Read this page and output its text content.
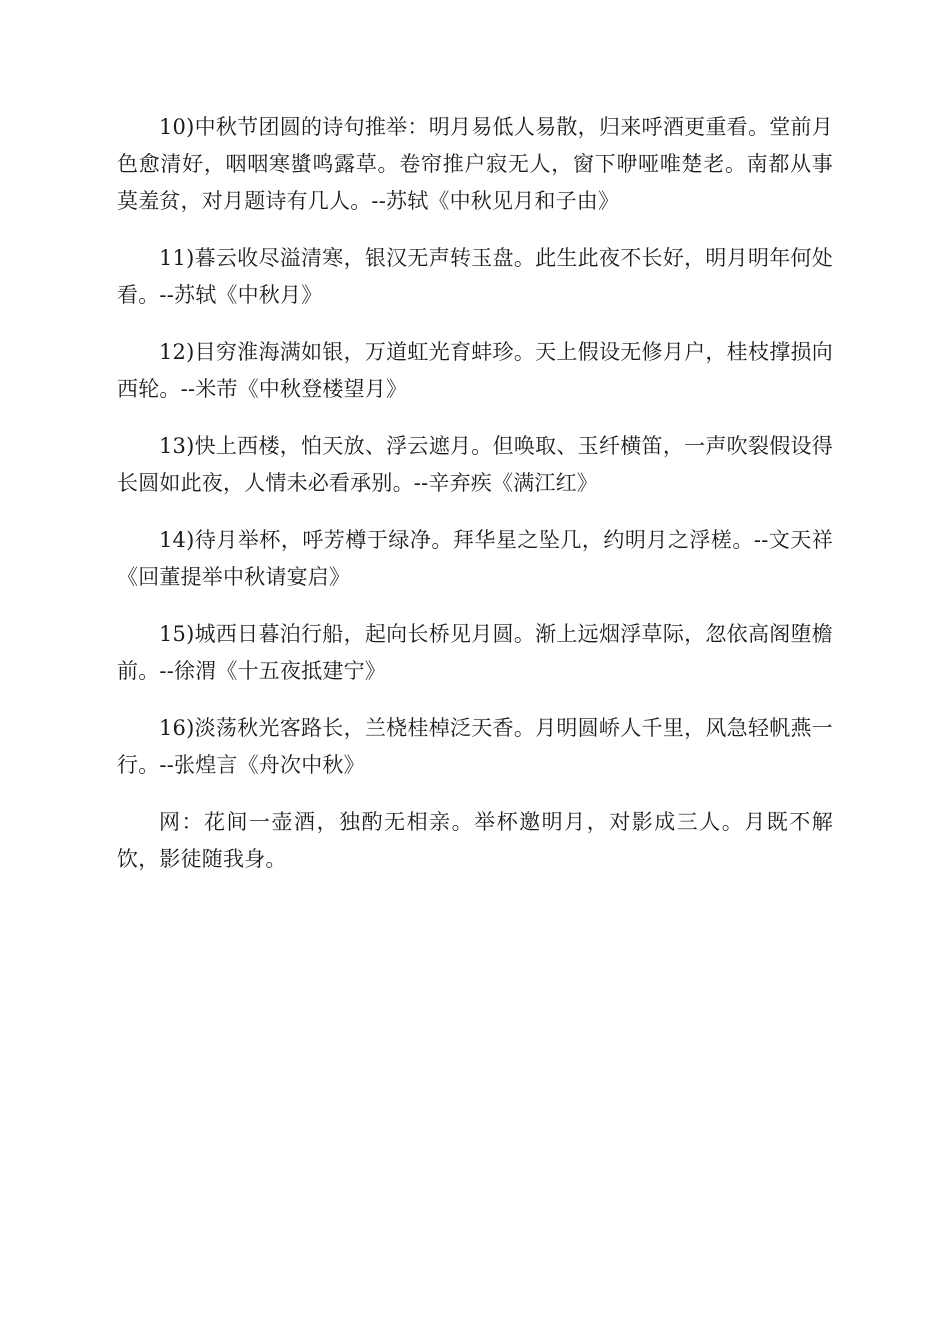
10)中秋节团圆的诗句推举：明月易低人易散，归来呼酒更重看。堂前月色愈清好，咽咽寒螿鸣露草。卷帘推户寂无人，窗下咿哑唯楚老。南都从事莫羞贫，对月题诗有几人。--苏轼《中秋见月和子由》

11)暮云收尽溢清寒，银汉无声转玉盘。此生此夜不长好，明月明年何处看。--苏轼《中秋月》

12)目穷淮海满如银，万道虹光育蚌珍。天上假设无修月户，桂枝撑损向西轮。--米芾《中秋登楼望月》

13)快上西楼，怕天放、浮云遮月。但唤取、玉纤横笛，一声吹裂假设得长圆如此夜，人情未必看承别。--辛弃疾《满江红》

14)待月举杯，呼芳樽于绿净。拜华星之坠几，约明月之浮槎。--文天祥《回董提举中秋请宴启》

15)城西日暮泊行船，起向长桥见月圆。渐上远烟浮草际，忽依高阁堕檐前。--徐渭《十五夜抵建宁》

16)淡荡秋光客路长，兰桡桂棹泛天香。月明圆峤人千里，风急轻帆燕一行。--张煌言《舟次中秋》

网：花间一壶酒，独酌无相亲。举杯邀明月，对影成三人。月既不解饮，影徒随我身。
